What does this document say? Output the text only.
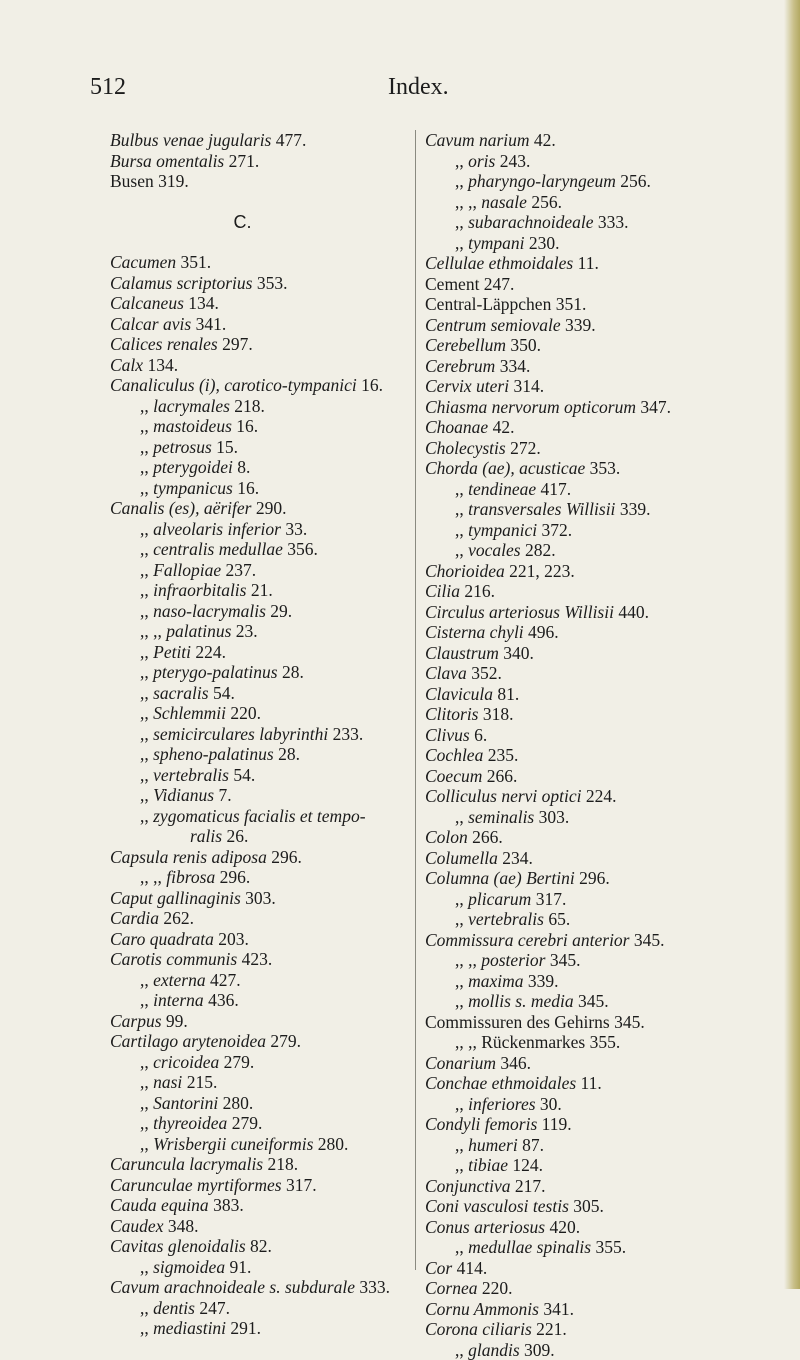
512	Index.
Bulbus venae jugularis 477.
Bursa omentalis 271.
Busen 319.
C.
Cacumen 351.
Calamus scriptorius 353.
Calcaneus 134.
Calcar avis 341.
Calices renales 297.
Calx 134.
Canaliculus (i), carotico-tympanici 16.
,, lacrymales 218.
,, mastoideus 16.
,, petrosus 15.
,, pterygoidei 8.
,, tympanicus 16.
Canalis (es), aërifer 290.
,, alveolaris inferior 33.
,, centralis medullae 356.
,, Fallopiae 237.
,, infraorbitalis 21.
,, naso-lacrymalis 29.
,, ,, palatinus 23.
,, Petiti 224.
,, pterygo-palatinus 28.
,, sacralis 54.
,, Schlemmii 220.
,, semicirculares labyrinthi 233.
,, spheno-palatinus 28.
,, vertebralis 54.
,, Vidianus 7.
,, zygomaticus facialis et tempo-
ralis 26.
Capsula renis adiposa 296.
,, ,, fibrosa 296.
Caput gallinaginis 303.
Cardia 262.
Caro quadrata 203.
Carotis communis 423.
,, externa 427.
,, interna 436.
Carpus 99.
Cartilago arytenoidea 279.
,, cricoidea 279.
,, nasi 215.
,, Santorini 280.
,, thyreoidea 279.
,, Wrisbergii cuneiformis 280.
Caruncula lacrymalis 218.
Carunculae myrtiformes 317.
Cauda equina 383.
Caudex 348.
Cavitas glenoidalis 82.
,, sigmoidea 91.
Cavum arachnoideale s. subdurale 333.
,, dentis 247.
,, mediastini 291.
Cavum narium 42.
,, oris 243.
,, pharyngo-laryngeum 256.
,, ,, nasale 256.
,, subarachnoideale 333.
,, tympani 230.
Cellulae ethmoidales 11.
Cement 247.
Central-Läppchen 351.
Centrum semiovale 339.
Cerebellum 350.
Cerebrum 334.
Cervix uteri 314.
Chiasma nervorum opticorum 347.
Choanae 42.
Cholecystis 272.
Chorda (ae), acusticae 353.
,, tendineae 417.
,, transversales Willisii 339.
,, tympanici 372.
,, vocales 282.
Chorioidea 221, 223.
Cilia 216.
Circulus arteriosus Willisii 440.
Cisterna chyli 496.
Claustrum 340.
Clava 352.
Clavicula 81.
Clitoris 318.
Clivus 6.
Cochlea 235.
Coecum 266.
Colliculus nervi optici 224.
,, seminalis 303.
Colon 266.
Columella 234.
Columna (ae) Bertini 296.
,, plicarum 317.
,, vertebralis 65.
Commissura cerebri anterior 345.
,, ,, posterior 345.
,, maxima 339.
,, mollis s. media 345.
Commissuren des Gehirns 345.
,, ,, Rückenmarkes 355.
Conarium 346.
Conchae ethmoidales 11.
,, inferiores 30.
Condyli femoris 119.
,, humeri 87.
,, tibiae 124.
Conjunctiva 217.
Coni vasculosi testis 305.
Conus arteriosus 420.
,, medullae spinalis 355.
Cor 414.
Cornea 220.
Cornu Ammonis 341.
Corona ciliaris 221.
,, glandis 309.
